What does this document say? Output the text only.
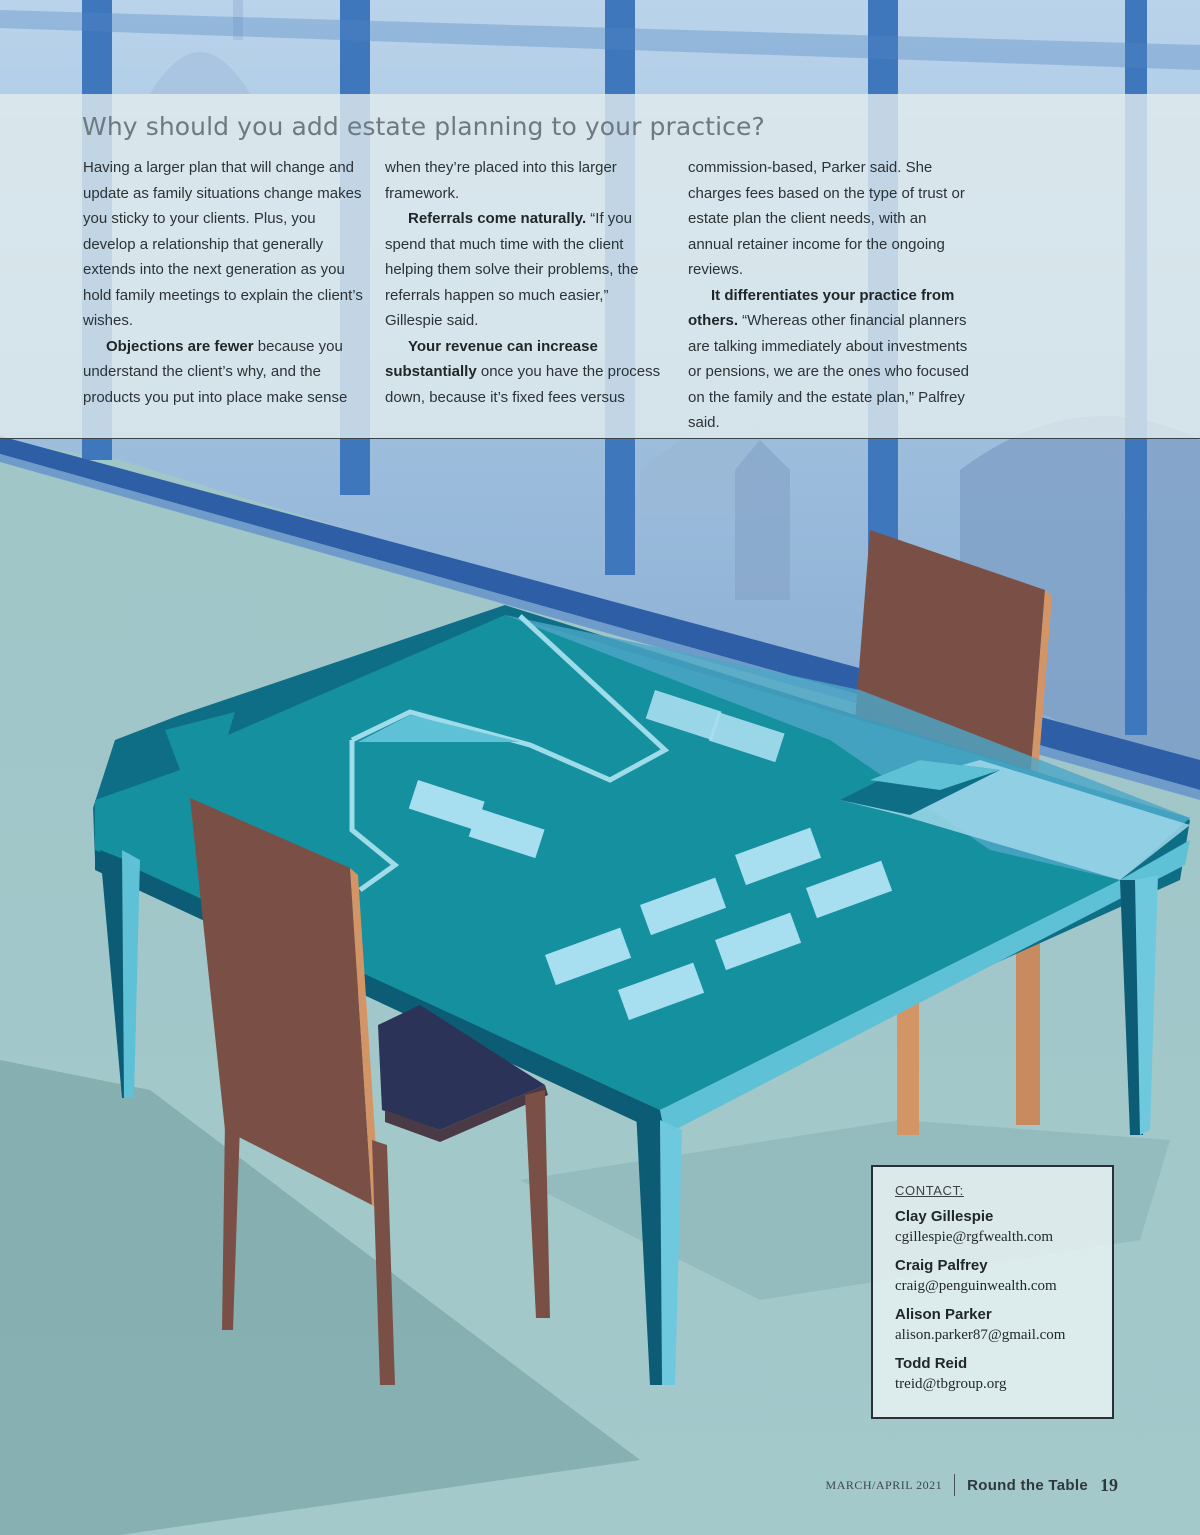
Why should you add estate planning to your practice?

Having a larger plan that will change and update as family situations change makes you sticky to your clients. Plus, you develop a relationship that generally extends into the next generation as you hold family meetings to explain the client’s wishes.

Objections are fewer because you understand the client’s why, and the products you put into place make sense

when they’re placed into this larger framework.

Referrals come naturally. “If you spend that much time with the client helping them solve their problems, the referrals happen so much easier,” Gillespie said.

Your revenue can increase substantially once you have the process down, because it’s fixed fees versus

commission-based, Parker said. She charges fees based on the type of trust or estate plan the client needs, with an annual retainer income for the ongoing reviews.

It differentiates your practice from others. “Whereas other financial planners are talking immediately about investments or pensions, we are the ones who focused on the family and the estate plan,” Palfrey said.

CONTACT:
Clay Gillespie
cgillespie@rgfwealth.com
Craig Palfrey
craig@penguinwealth.com
Alison Parker
alison.parker87@gmail.com
Todd Reid
treid@tbgroup.org
MARCH/APRIL 2021 Round the Table 19
